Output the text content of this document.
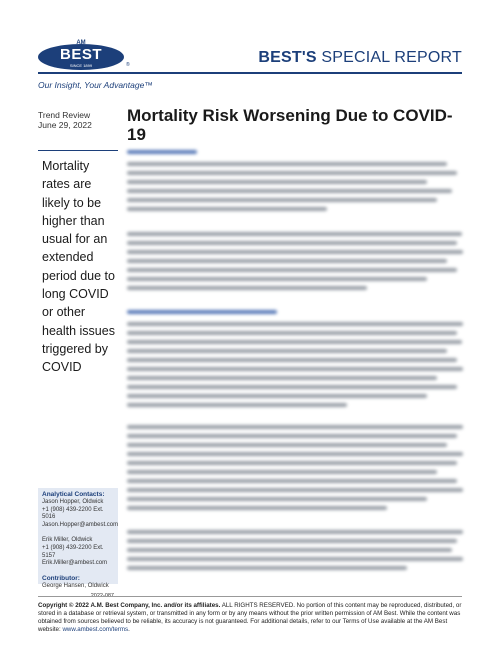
AM
BEST
SINCE 1899	®	BEST'S SPECIAL REPORT
Our Insight, Your Advantage™
Trend Review
June 29, 2022 Mortality Risk Worsening Due to COVID-19

Mortality rates are likely to be higher than usual for an extended period due to long COVID or other health issues triggered by COVID

Analytical Contacts:
Jason Hopper, Oldwick
+1 (908) 439-2200 Ext. 5016
Jason.Hopper@ambest.com
Erik Miller, Oldwick
+1 (908) 439-2200 Ext. 5157
Erik.Miller@ambest.com
Contributor:
George Hansen, Oldwick
Copyright © 2022 A.M. Best Company, Inc. and/or its affiliates. ALL RIGHTS RESERVED. No portion of this content may be reproduced, distributed, or stored in a database or retrieval system, or transmitted in any form or by any means without the prior written permission of AM Best. While the content was obtained from sources believed to be reliable, its accuracy is not guaranteed. For additional details, refer to our Terms of Use available at the AM Best website: www.ambest.com/terms.
